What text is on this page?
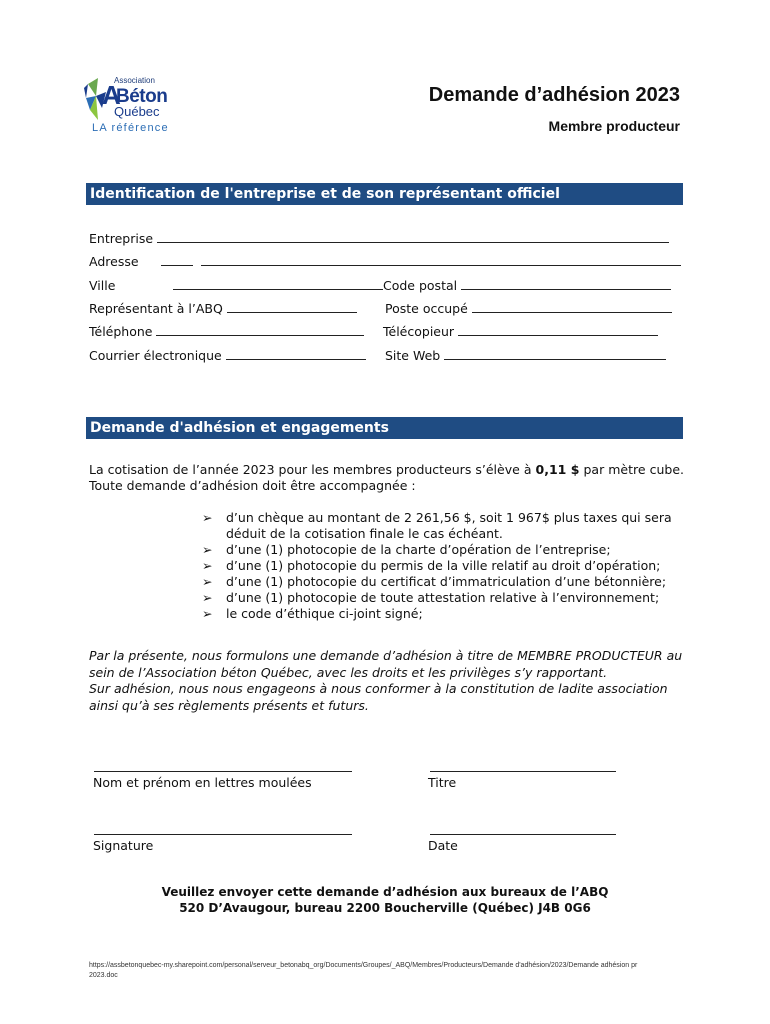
Association
A
Béton
Québec
LA référence
Demande d’adhésion 2023
Membre producteur
Identification de l'entreprise et de son représentant officiel
Entreprise
Adresse
Ville	Code postal
Représentant à l’ABQ	Poste occupé
Téléphone	Télécopieur
Courrier électronique	Site Web
Demande d'adhésion et engagements
La cotisation de l’année 2023 pour les membres producteurs s’élève à 0,11 $ par mètre cube. Toute demande d’adhésion doit être accompagnée :
➢ d’un chèque au montant de 2 261,56 $, soit 1 967$ plus taxes qui sera déduit de la cotisation finale le cas échéant.
➢ d’une (1) photocopie de la charte d’opération de l’entreprise;
➢ d’une (1) photocopie du permis de la ville relatif au droit d’opération;
➢ d’une (1) photocopie du certificat d’immatriculation d’une bétonnière;
➢ d’une (1) photocopie de toute attestation relative à l’environnement;
➢ le code d’éthique ci-joint signé;
Par la présente, nous formulons une demande d’adhésion à titre de MEMBRE PRODUCTEUR au sein de l’Association béton Québec, avec les droits et les privilèges s’y rapportant.
Sur adhésion, nous nous engageons à nous conformer à la constitution de ladite association ainsi qu’à ses règlements présents et futurs.
Nom et prénom en lettres moulées	Titre
Signature	Date
Veuillez envoyer cette demande d’adhésion aux bureaux de l’ABQ
520 D’Avaugour, bureau 2200 Boucherville (Québec) J4B 0G6
https://assbetonquebec-my.sharepoint.com/personal/serveur_betonabq_org/Documents/Groupes/_ABQ/Membres/Producteurs/Demande d'adhésion/2023/Demande adhésion pr 2023.doc
